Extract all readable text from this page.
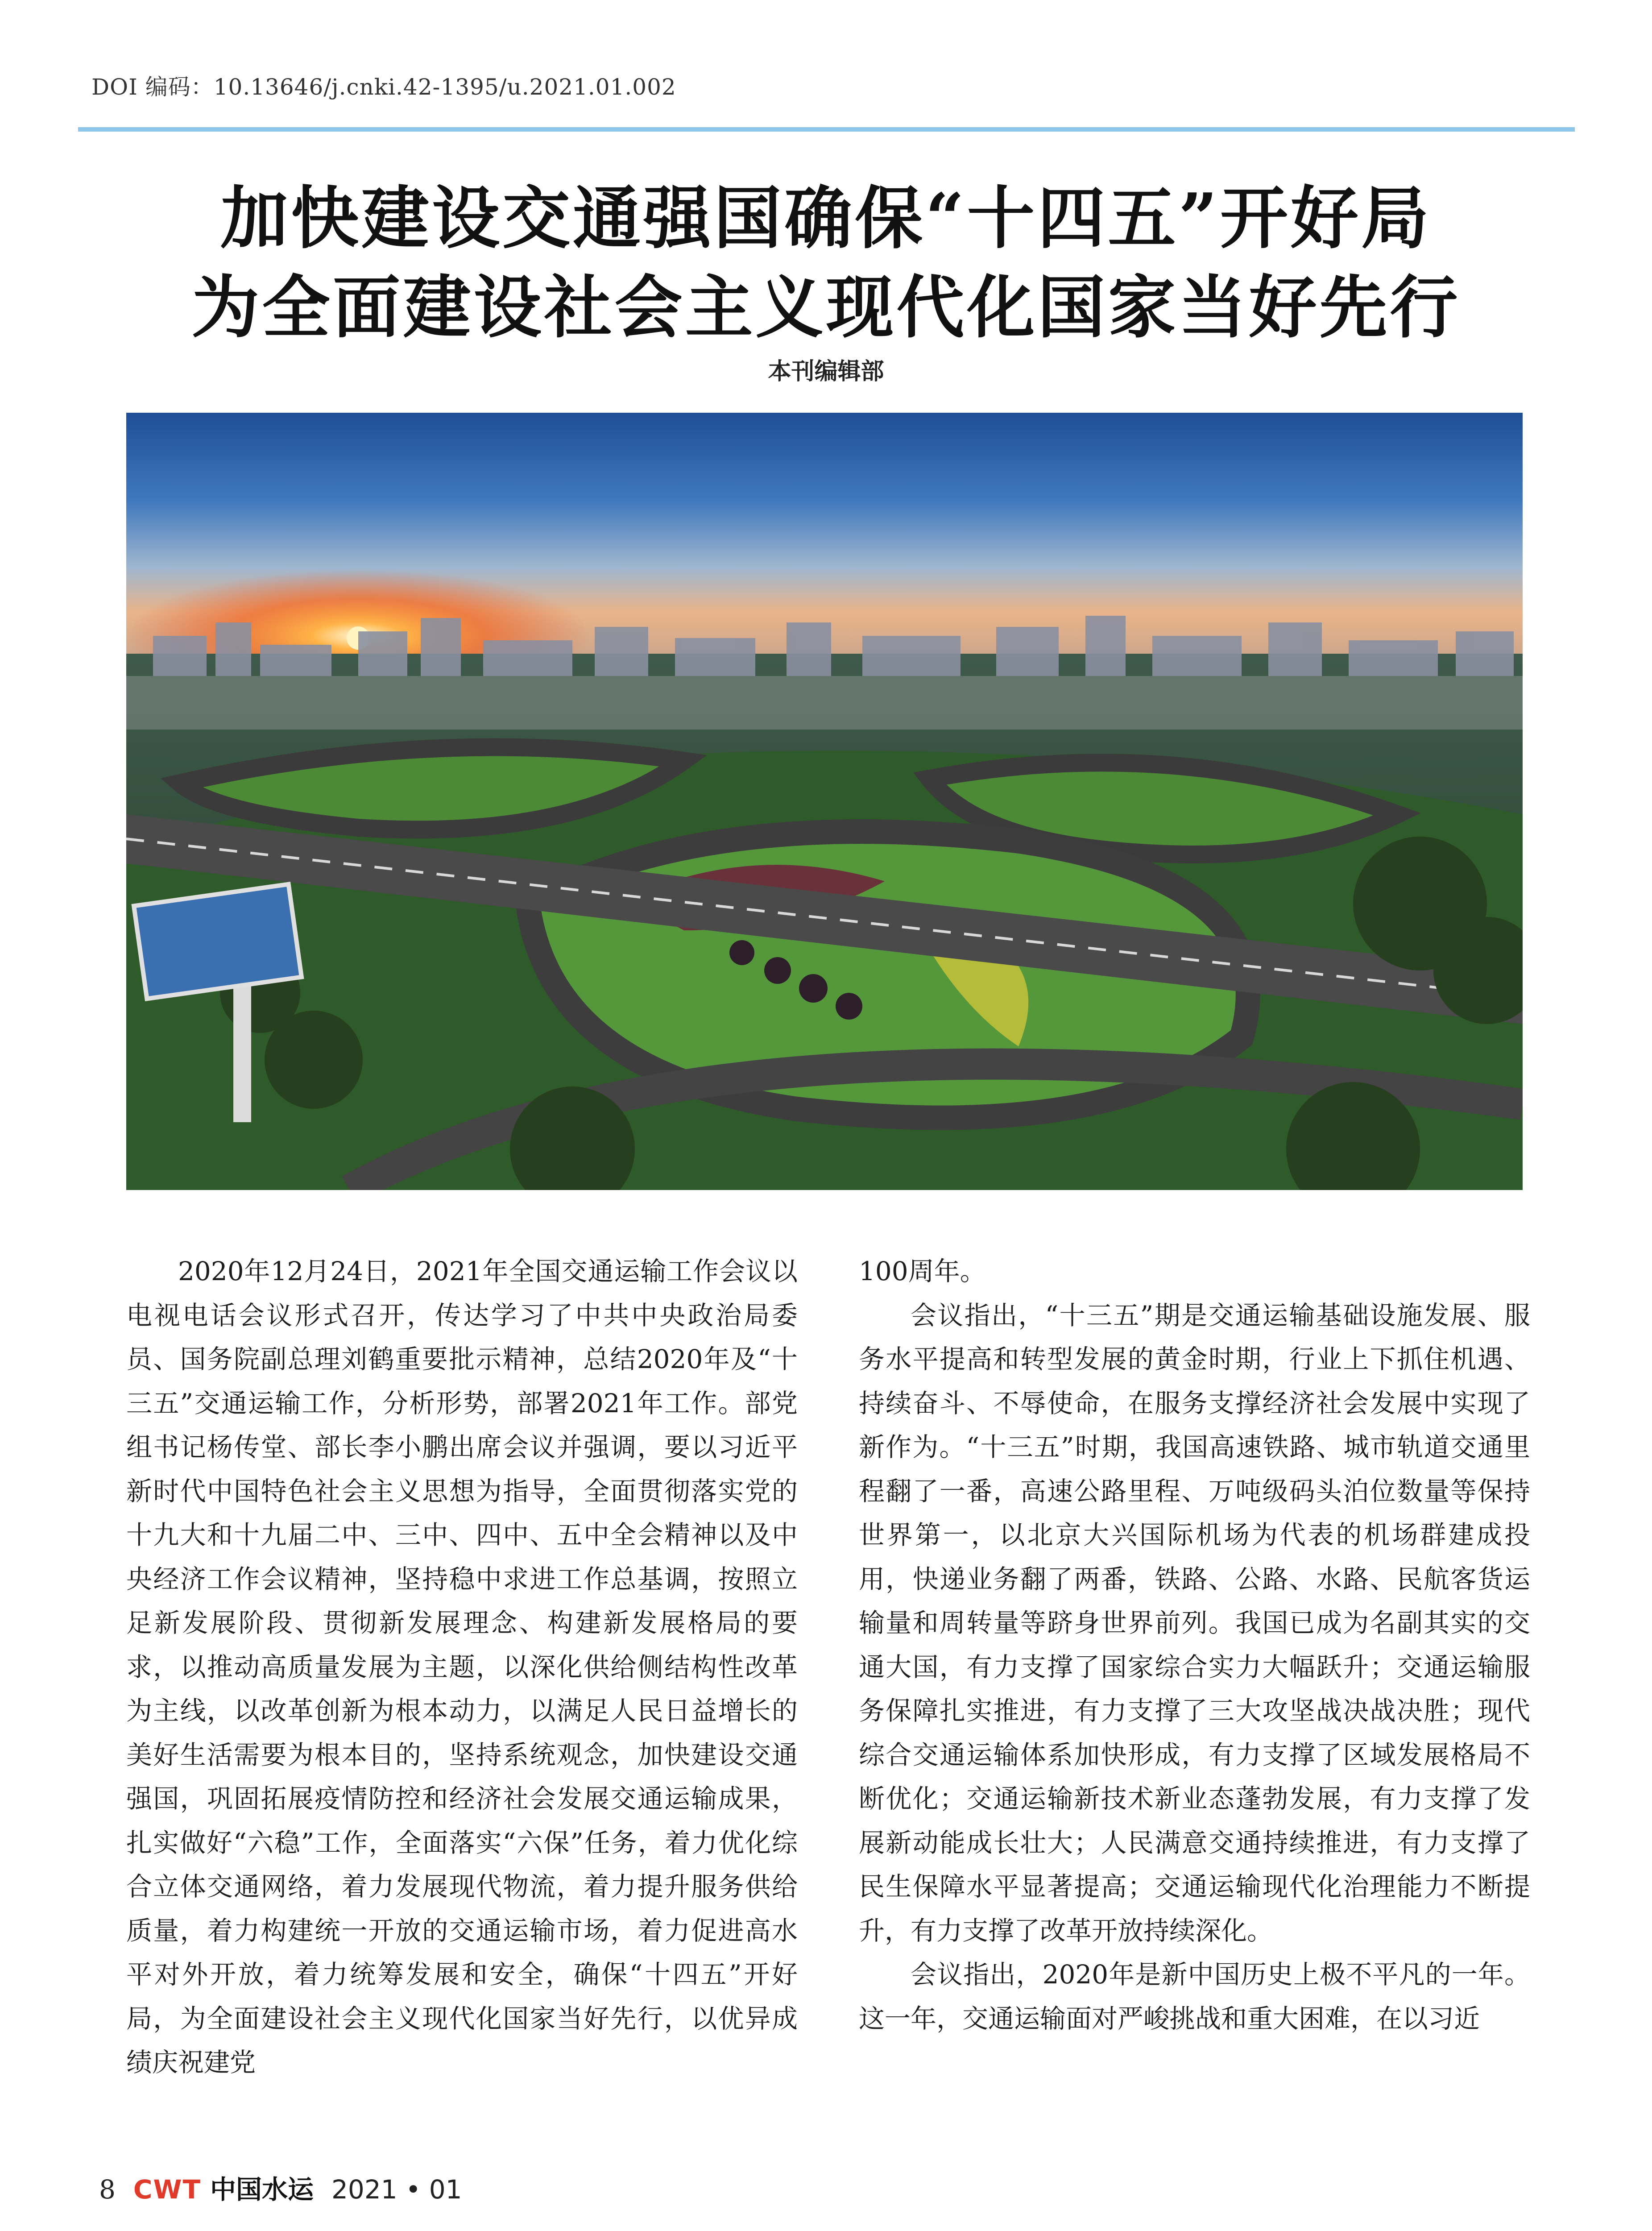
DOI 编码：10.13646/j.cnki.42-1395/u.2021.01.002
加快建设交通强国确保“十四五”开好局
为全面建设社会主义现代化国家当好先行
本刊编辑部

2020年12月24日，2021年全国交通运输工作会议以电视电话会议形式召开，传达学习了中共中央政治局委员、国务院副总理刘鹤重要批示精神，总结2020年及“十三五”交通运输工作，分析形势，部署2021年工作。部党组书记杨传堂、部长李小鹏出席会议并强调，要以习近平新时代中国特色社会主义思想为指导，全面贯彻落实党的十九大和十九届二中、三中、四中、五中全会精神以及中央经济工作会议精神，坚持稳中求进工作总基调，按照立足新发展阶段、贯彻新发展理念、构建新发展格局的要求，以推动高质量发展为主题，以深化供给侧结构性改革为主线，以改革创新为根本动力，以满足人民日益增长的美好生活需要为根本目的，坚持系统观念，加快建设交通强国，巩固拓展疫情防控和经济社会发展交通运输成果，扎实做好“六稳”工作，全面落实“六保”任务，着力优化综合立体交通网络，着力发展现代物流，着力提升服务供给质量，着力构建统一开放的交通运输市场，着力促进高水平对外开放，着力统筹发展和安全，确保“十四五”开好局，为全面建设社会主义现代化国家当好先行，以优异成绩庆祝建党

100周年。

会议指出，“十三五”期是交通运输基础设施发展、服务水平提高和转型发展的黄金时期，行业上下抓住机遇、持续奋斗、不辱使命，在服务支撑经济社会发展中实现了新作为。“十三五”时期，我国高速铁路、城市轨道交通里程翻了一番，高速公路里程、万吨级码头泊位数量等保持世界第一，以北京大兴国际机场为代表的机场群建成投用，快递业务翻了两番，铁路、公路、水路、民航客货运输量和周转量等跻身世界前列。我国已成为名副其实的交通大国，有力支撑了国家综合实力大幅跃升；交通运输服务保障扎实推进，有力支撑了三大攻坚战决战决胜；现代综合交通运输体系加快形成，有力支撑了区域发展格局不断优化；交通运输新技术新业态蓬勃发展，有力支撑了发展新动能成长壮大；人民满意交通持续推进，有力支撑了民生保障水平显著提高；交通运输现代化治理能力不断提升，有力支撑了改革开放持续深化。

会议指出，2020年是新中国历史上极不平凡的一年。这一年，交通运输面对严峻挑战和重大困难，在以习近

8 CWT 中国水运 2021 • 01
